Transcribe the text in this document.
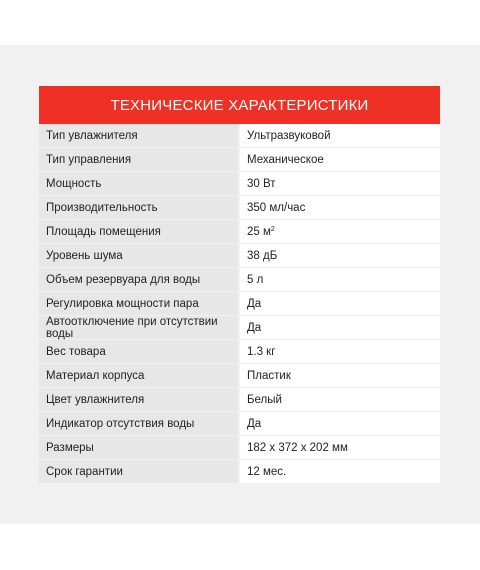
ТЕХНИЧЕСКИЕ ХАРАКТЕРИСТИКИ
Тип увлажнителя	Ультразвуковой
Тип управления	Механическое
Мощность	30 Вт
Производительность	350 мл/час
Площадь помещения	25 $м^2$
Уровень шума	38 дБ
Объем резервуара для воды	5 л
Регулировка мощности пара	Да
Автоотключение при отсутствии воды	Да
Вес товара	1.3 кг
Материал корпуса	Пластик
Цвет увлажнителя	Белый
Индикатор отсутствия воды	Да
Размеры	182 x 372 x 202 мм
Срок гарантии	12 мес.
